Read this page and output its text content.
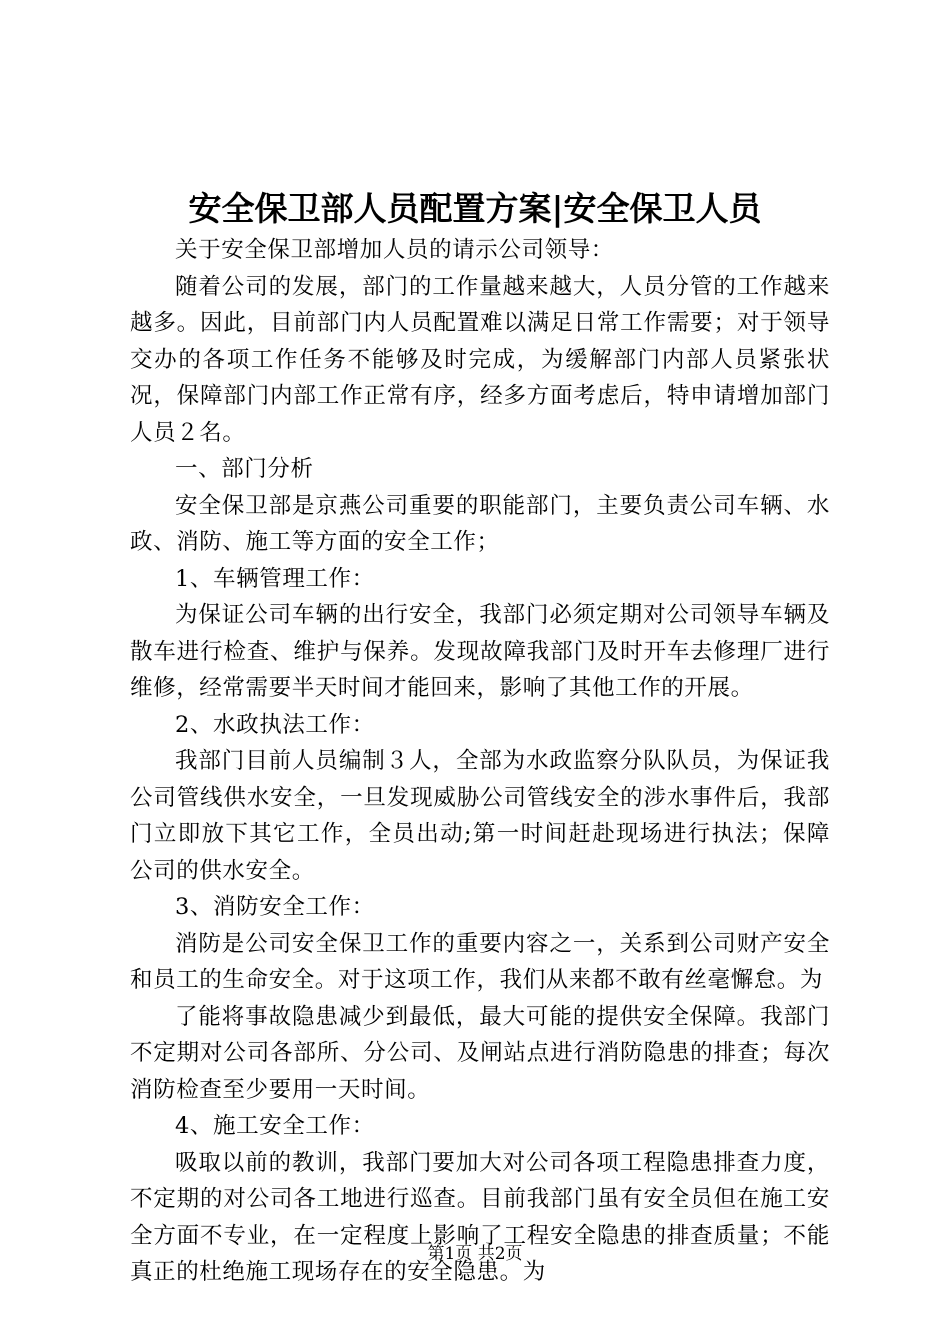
安全保卫部人员配置方案|安全保卫人员

关于安全保卫部增加人员的请示公司领导：

随着公司的发展，部门的工作量越来越大，人员分管的工作越来越多。因此，目前部门内人员配置难以满足日常工作需要；对于领导交办的各项工作任务不能够及时完成，为缓解部门内部人员紧张状况，保障部门内部工作正常有序，经多方面考虑后，特申请增加部门人员２名。

一、部门分析

安全保卫部是京燕公司重要的职能部门，主要负责公司车辆、水政、消防、施工等方面的安全工作；

1、车辆管理工作：

为保证公司车辆的出行安全，我部门必须定期对公司领导车辆及散车进行检查、维护与保养。发现故障我部门及时开车去修理厂进行维修，经常需要半天时间才能回来，影响了其他工作的开展。

2、水政执法工作：

我部门目前人员编制３人，全部为水政监察分队队员，为保证我公司管线供水安全，一旦发现威胁公司管线安全的涉水事件后，我部门立即放下其它工作，全员出动;第一时间赶赴现场进行执法；保障公司的供水安全。

3、消防安全工作：

消防是公司安全保卫工作的重要内容之一，关系到公司财产安全和员工的生命安全。对于这项工作，我们从来都不敢有丝毫懈怠。为

了能将事故隐患减少到最低，最大可能的提供安全保障。我部门不定期对公司各部所、分公司、及闸站点进行消防隐患的排查；每次消防检查至少要用一天时间。

4、施工安全工作：

吸取以前的教训，我部门要加大对公司各项工程隐患排查力度，不定期的对公司各工地进行巡查。目前我部门虽有安全员但在施工安全方面不专业，在一定程度上影响了工程安全隐患的排查质量；不能真正的杜绝施工现场存在的安全隐患。为

第1页 共2页
